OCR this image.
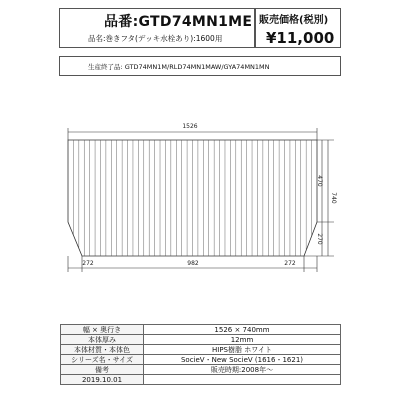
品番:GTD74MN1ME
品名:巻きフタ(デッキ水栓あり):1600用
販売価格(税別)
¥11,000
生産終了品: GTD74MN1M/RLD74MN1MAW/GYA74MN1MN
1526
470
270
740
272	982	272
幅 × 奥行き	1526 × 740mm
本体厚み	12mm
本体材質・本体色	HIPS樹脂 ホワイト
シリーズ名・サイズ	SocieV・New SocieV (1616・1621)
備考	販売時期:2008年～
2019.10.01	
